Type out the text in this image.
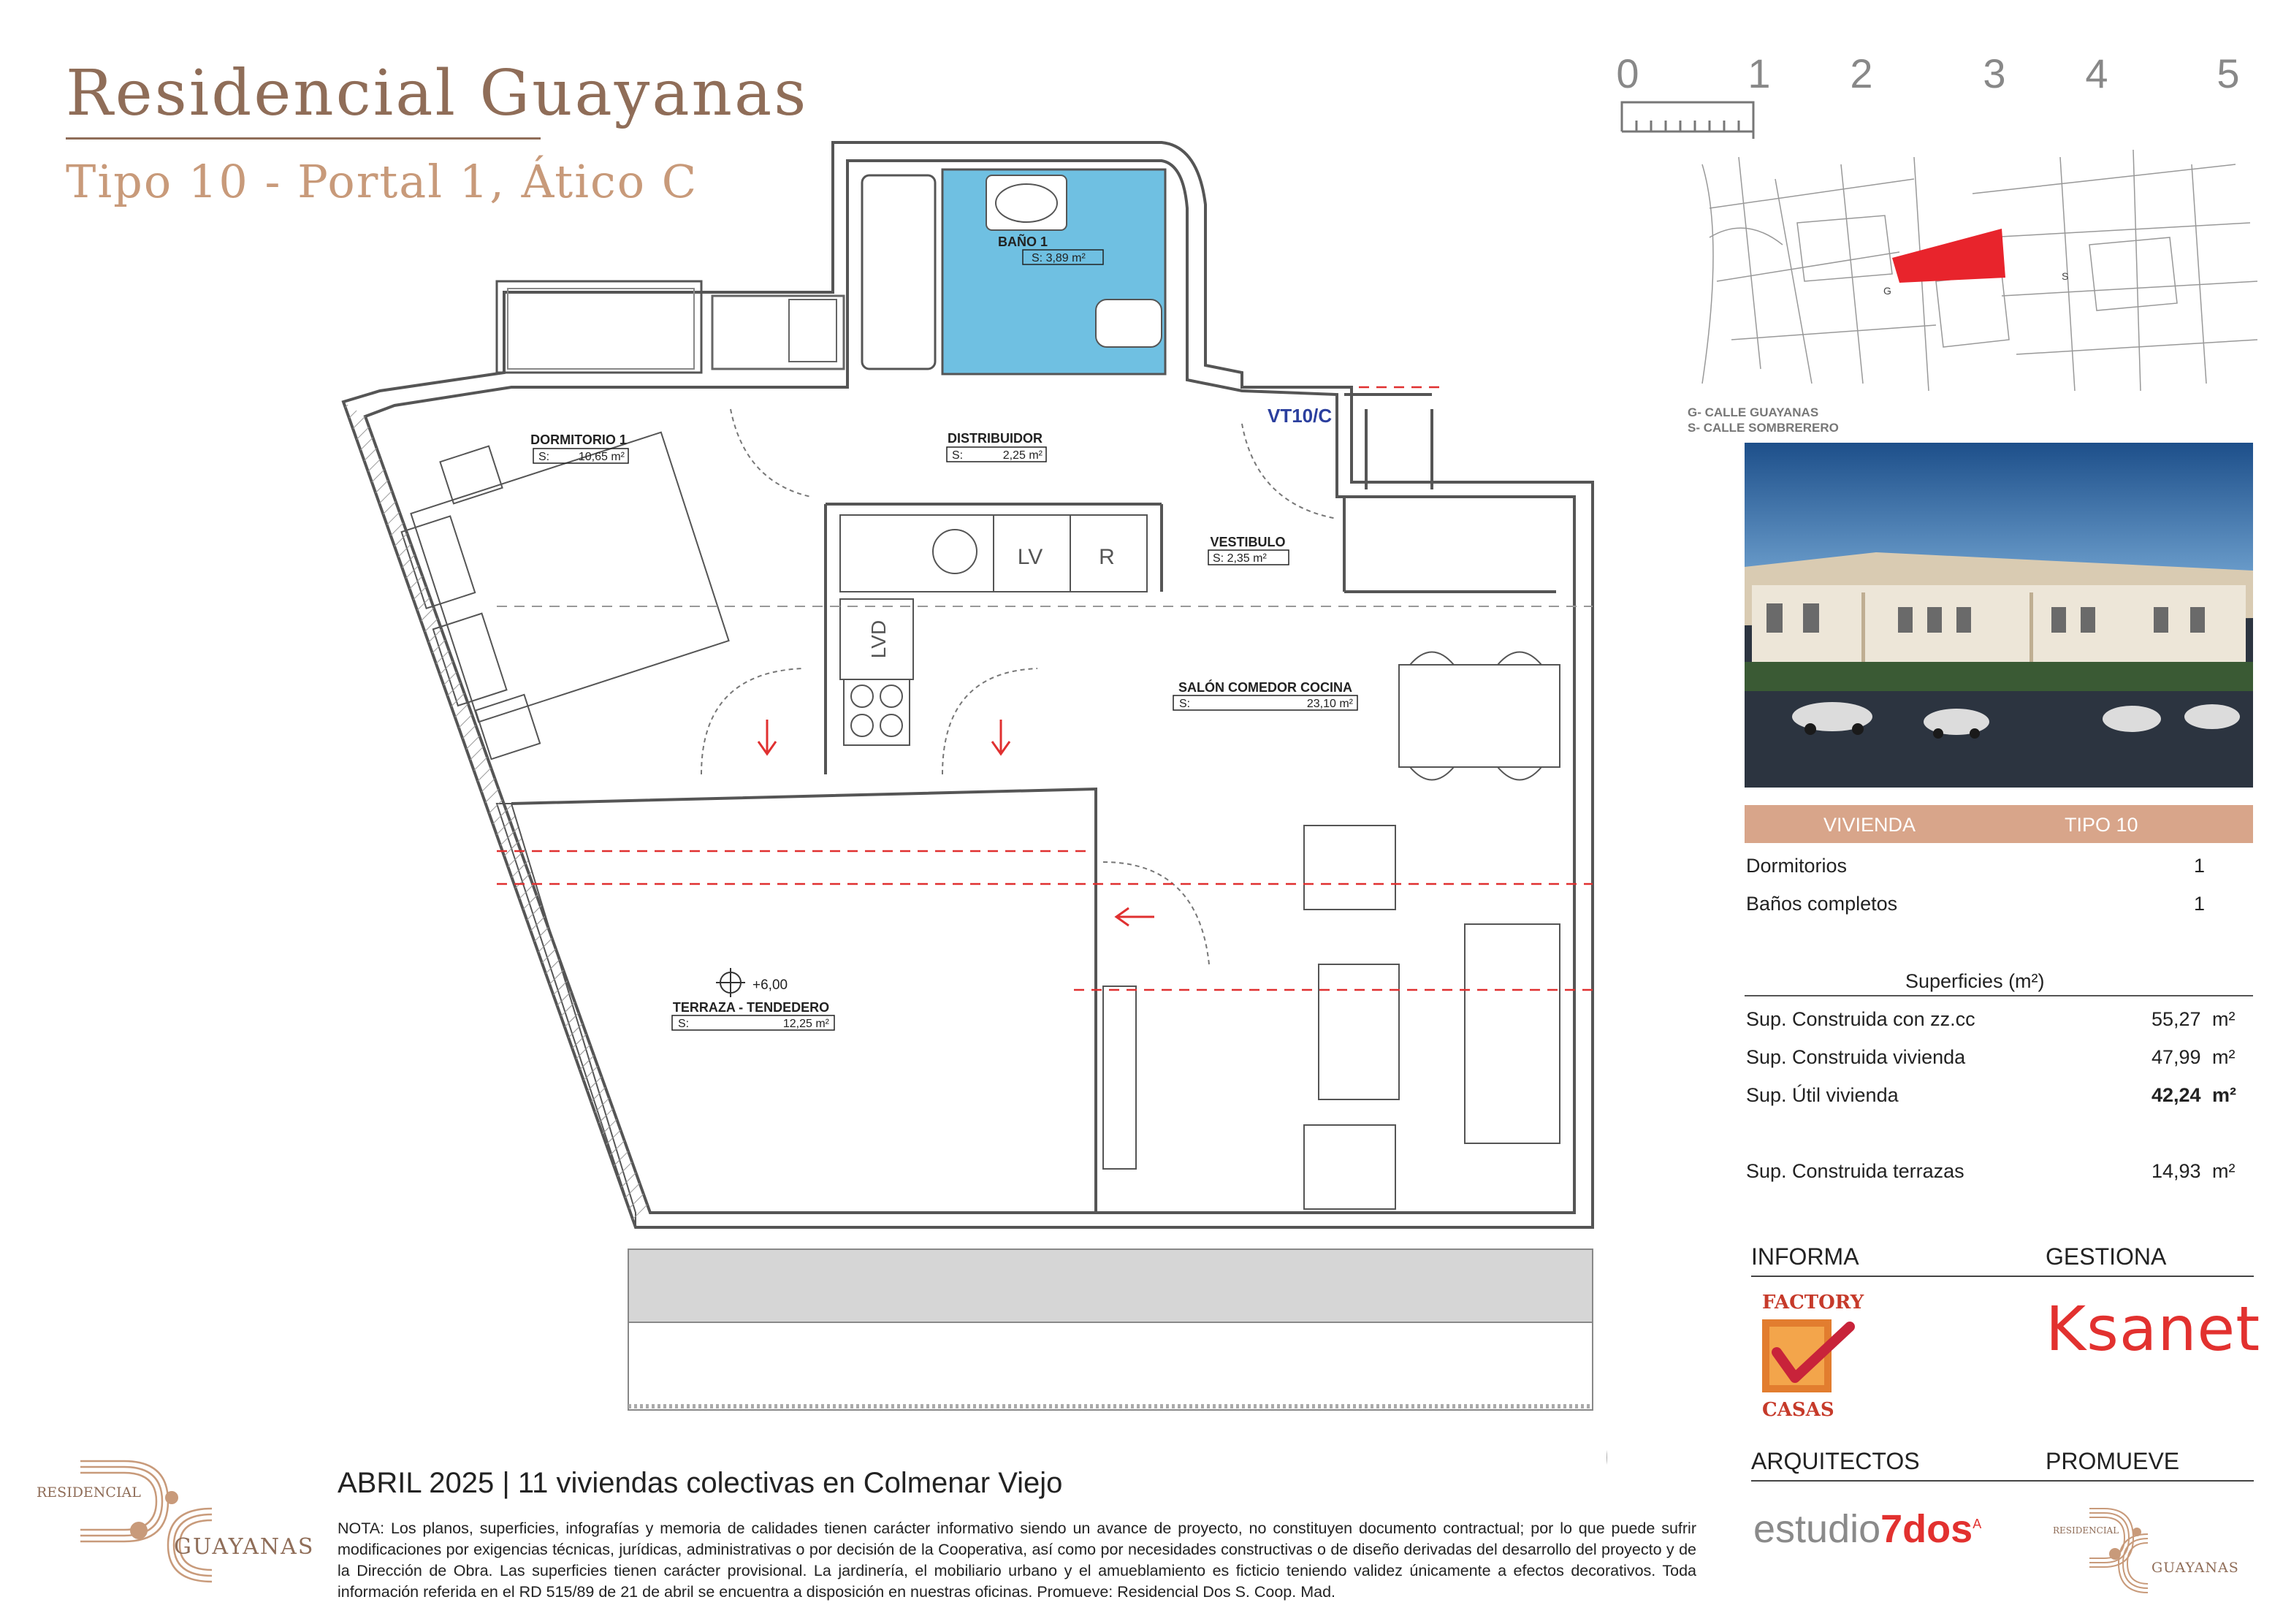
Residencial Guayanas
Tipo 10 - Portal 1, Ático C
LV	R
LVD
BAÑO 1
S: 3,89 m²
DORMITORIO 1
S: 10,65 m²
DISTRIBUIDOR
S:	2,25 m²
VESTIBULO
S: 2,35 m²
SALÓN COMEDOR COCINA
S:	23,10 m²
TERRAZA - TENDEDERO
S:	12,25 m²
+6,00
VT10/C
0	1 2	3 4	5
G
S
G- CALLE GUAYANAS
S- CALLE SOMBRERERO
VIVIENDA	TIPO 10
Dormitorios	1
Baños completos	1
Superficies (m²)
Sup. Construida con zz.cc	55,27 m²
Sup. Construida vivienda	47,99 m²
Sup. Útil vivienda	42,24 m²
Sup. Construida terrazas	14,93 m²
INFORMA	GESTIONA
FACTORY
CASAS
Ksanet
ARQUITECTOS	PROMUEVE
estudio7dos$^A$	RESIDENCIAL
GUAYANAS
RESIDENCIAL
GUAYANAS
ABRIL 2025 | 11 viviendas colectivas en Colmenar Viejo
NOTA: Los planos, superficies, infografías y memoria de calidades tienen carácter informativo siendo un avance de proyecto, no constituyen documento contractual; por lo que puede sufrir modificaciones por exigencias técnicas, jurídicas, administrativas o por decisión de la Cooperativa, así como por necesidades constructivas o de diseño derivadas del desarrollo del proyecto y de la Dirección de Obra. Las superficies tienen carácter provisional. La jardinería, el mobiliario urbano y el amueblamiento es ficticio teniendo validez únicamente a efectos decorativos. Toda información referida en el RD 515/89 de 21 de abril se encuentra a disposición en nuestras oficinas. Promueve: Residencial Dos S. Coop. Mad.
